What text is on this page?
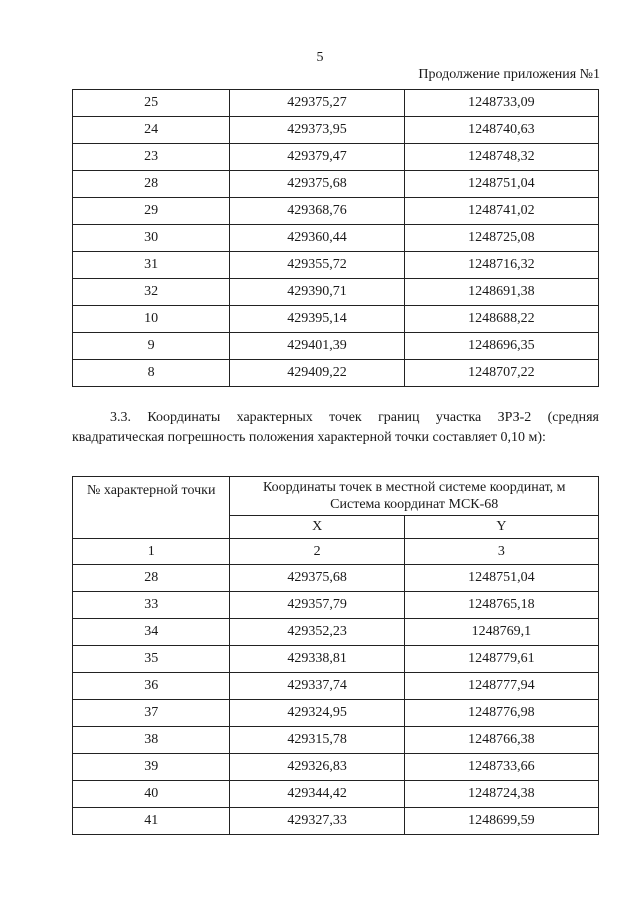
5
Продолжение приложения №1
25	429375,27	1248733,09
24	429373,95	1248740,63
23	429379,47	1248748,32
28	429375,68	1248751,04
29	429368,76	1248741,02
30	429360,44	1248725,08
31	429355,72	1248716,32
32	429390,71	1248691,38
10	429395,14	1248688,22
9	429401,39	1248696,35
8	429409,22	1248707,22
3.3. Координаты характерных точек границ участка ЗРЗ-2 (средняя
квадратическая погрешность положения характерной точки составляет 0,10 м):
№ характерной точки	Координаты точек в местной системе координат, м
Система координат МСК-68	

	X	Y
1	2	3
28	429375,68	1248751,04
33	429357,79	1248765,18
34	429352,23	1248769,1
35	429338,81	1248779,61
36	429337,74	1248777,94
37	429324,95	1248776,98
38	429315,78	1248766,38
39	429326,83	1248733,66
40	429344,42	1248724,38
41	429327,33	1248699,59
